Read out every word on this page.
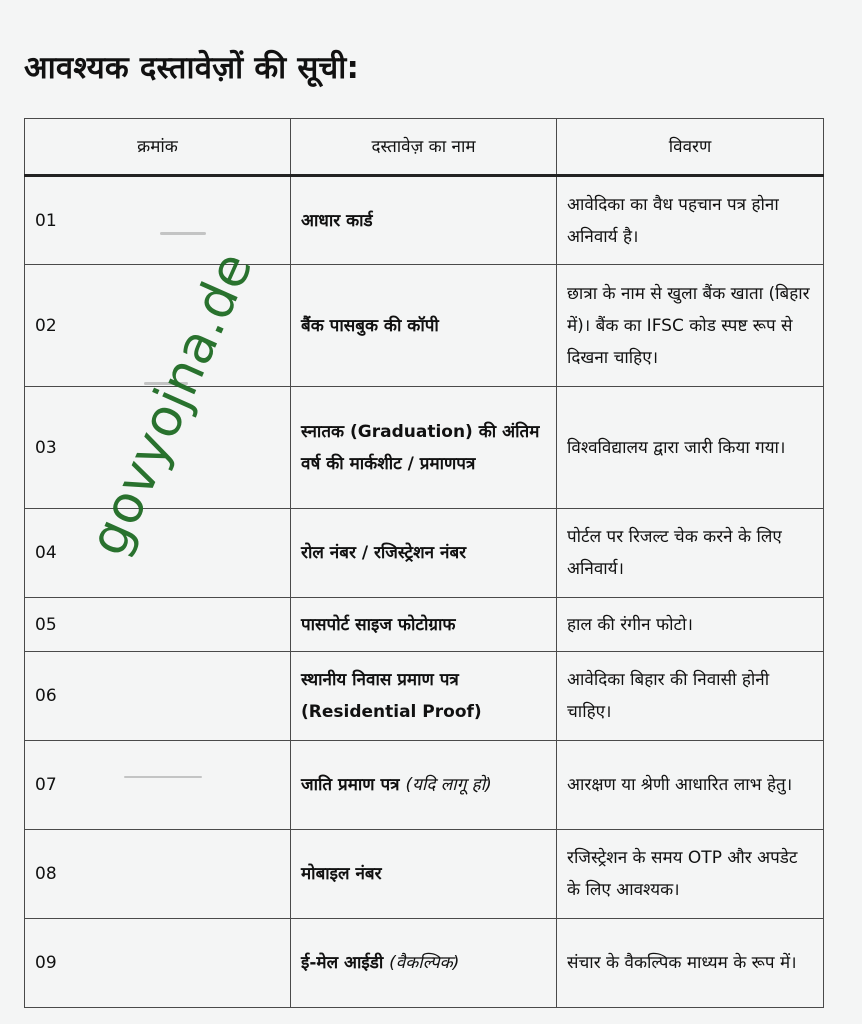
आवश्यक दस्तावेज़ों की सूची:
क्रमांक	दस्तावेज़ का नाम	विवरण
01	आधार कार्ड	आवेदिका का वैध पहचान पत्र होना अनिवार्य है।
02	बैंक पासबुक की कॉपी	छात्रा के नाम से खुला बैंक खाता (बिहार में)। बैंक का IFSC कोड स्पष्ट रूप से दिखना चाहिए।
03	स्नातक (Graduation) की अंतिम वर्ष की मार्कशीट / प्रमाणपत्र	विश्वविद्यालय द्वारा जारी किया गया।
04	रोल नंबर / रजिस्ट्रेशन नंबर	पोर्टल पर रिजल्ट चेक करने के लिए अनिवार्य।
05	पासपोर्ट साइज फोटोग्राफ	हाल की रंगीन फोटो।
06	स्थानीय निवास प्रमाण पत्र (Residential Proof)	आवेदिका बिहार की निवासी होनी चाहिए।
07	जाति प्रमाण पत्र (यदि लागू हो)	आरक्षण या श्रेणी आधारित लाभ हेतु।
08	मोबाइल नंबर	रजिस्ट्रेशन के समय OTP और अपडेट के लिए आवश्यक।
09	ई-मेल आईडी (वैकल्पिक)	संचार के वैकल्पिक माध्यम के रूप में।
govyojna.de
